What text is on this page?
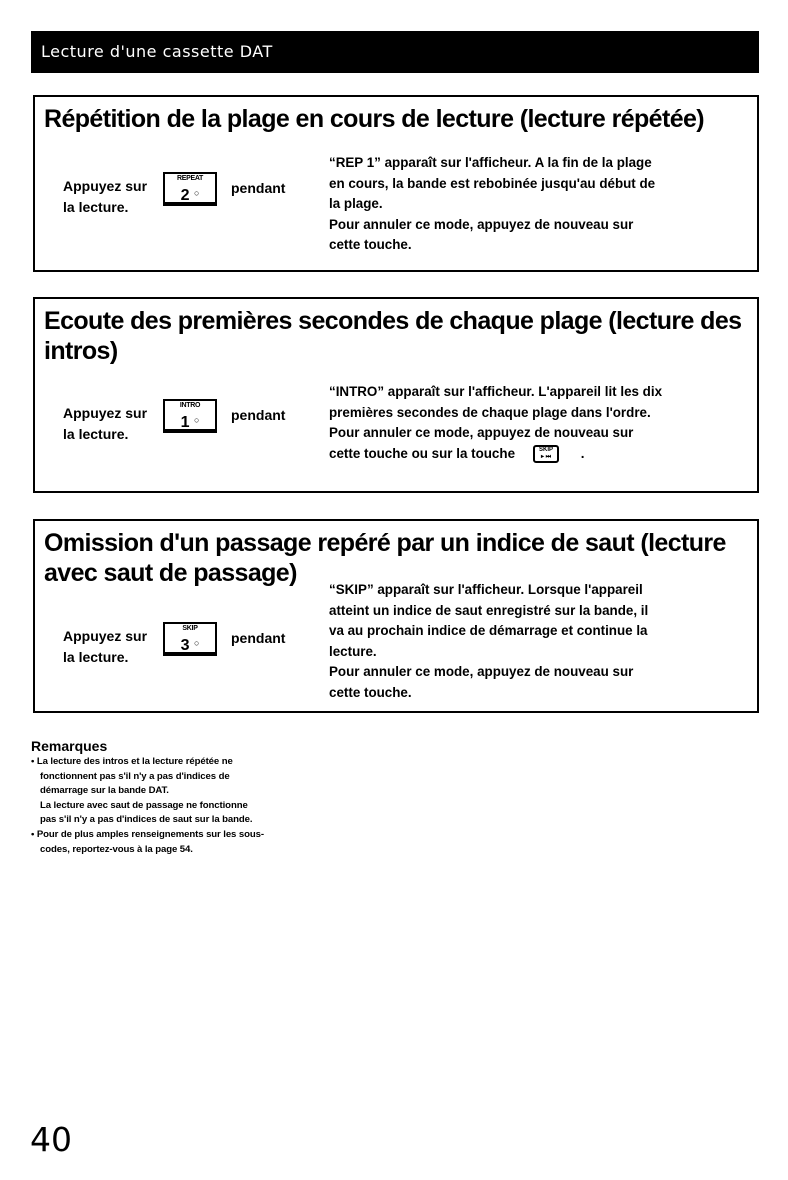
Lecture d'une cassette DAT
Répétition de la plage en cours de lecture (lecture répétée)
Appuyez sur
la lecture.
REPEAT
2 ○	pendant
“REP 1” apparaît sur l'afficheur. A la fin de la plage
en cours, la bande est rebobinée jusqu'au début de
la plage.
Pour annuler ce mode, appuyez de nouveau sur
cette touche.
Ecoute des premières secondes de chaque plage (lecture des intros)
Appuyez sur
la lecture.
INTRO
1 ○	pendant
“INTRO” apparaît sur l'afficheur. L'appareil lit les dix
premières secondes de chaque plage dans l'ordre.
Pour annuler ce mode, appuyez de nouveau sur
cette touche ou sur la touche	SKIP
▸ ⏭	.
Omission d'un passage repéré par un indice de saut (lecture avec saut de passage)
Appuyez sur
la lecture.
SKIP
3 ○	pendant
“SKIP” apparaît sur l'afficheur. Lorsque l'appareil
atteint un indice de saut enregistré sur la bande, il
va au prochain indice de démarrage et continue la
lecture.
Pour annuler ce mode, appuyez de nouveau sur
cette touche.
Remarques
• La lecture des intros et la lecture répétée ne
fonctionnent pas s'il n'y a pas d'indices de
démarrage sur la bande DAT.
La lecture avec saut de passage ne fonctionne
pas s'il n'y a pas d'indices de saut sur la bande.
• Pour de plus amples renseignements sur les sous-
codes, reportez-vous à la page 54.
40
